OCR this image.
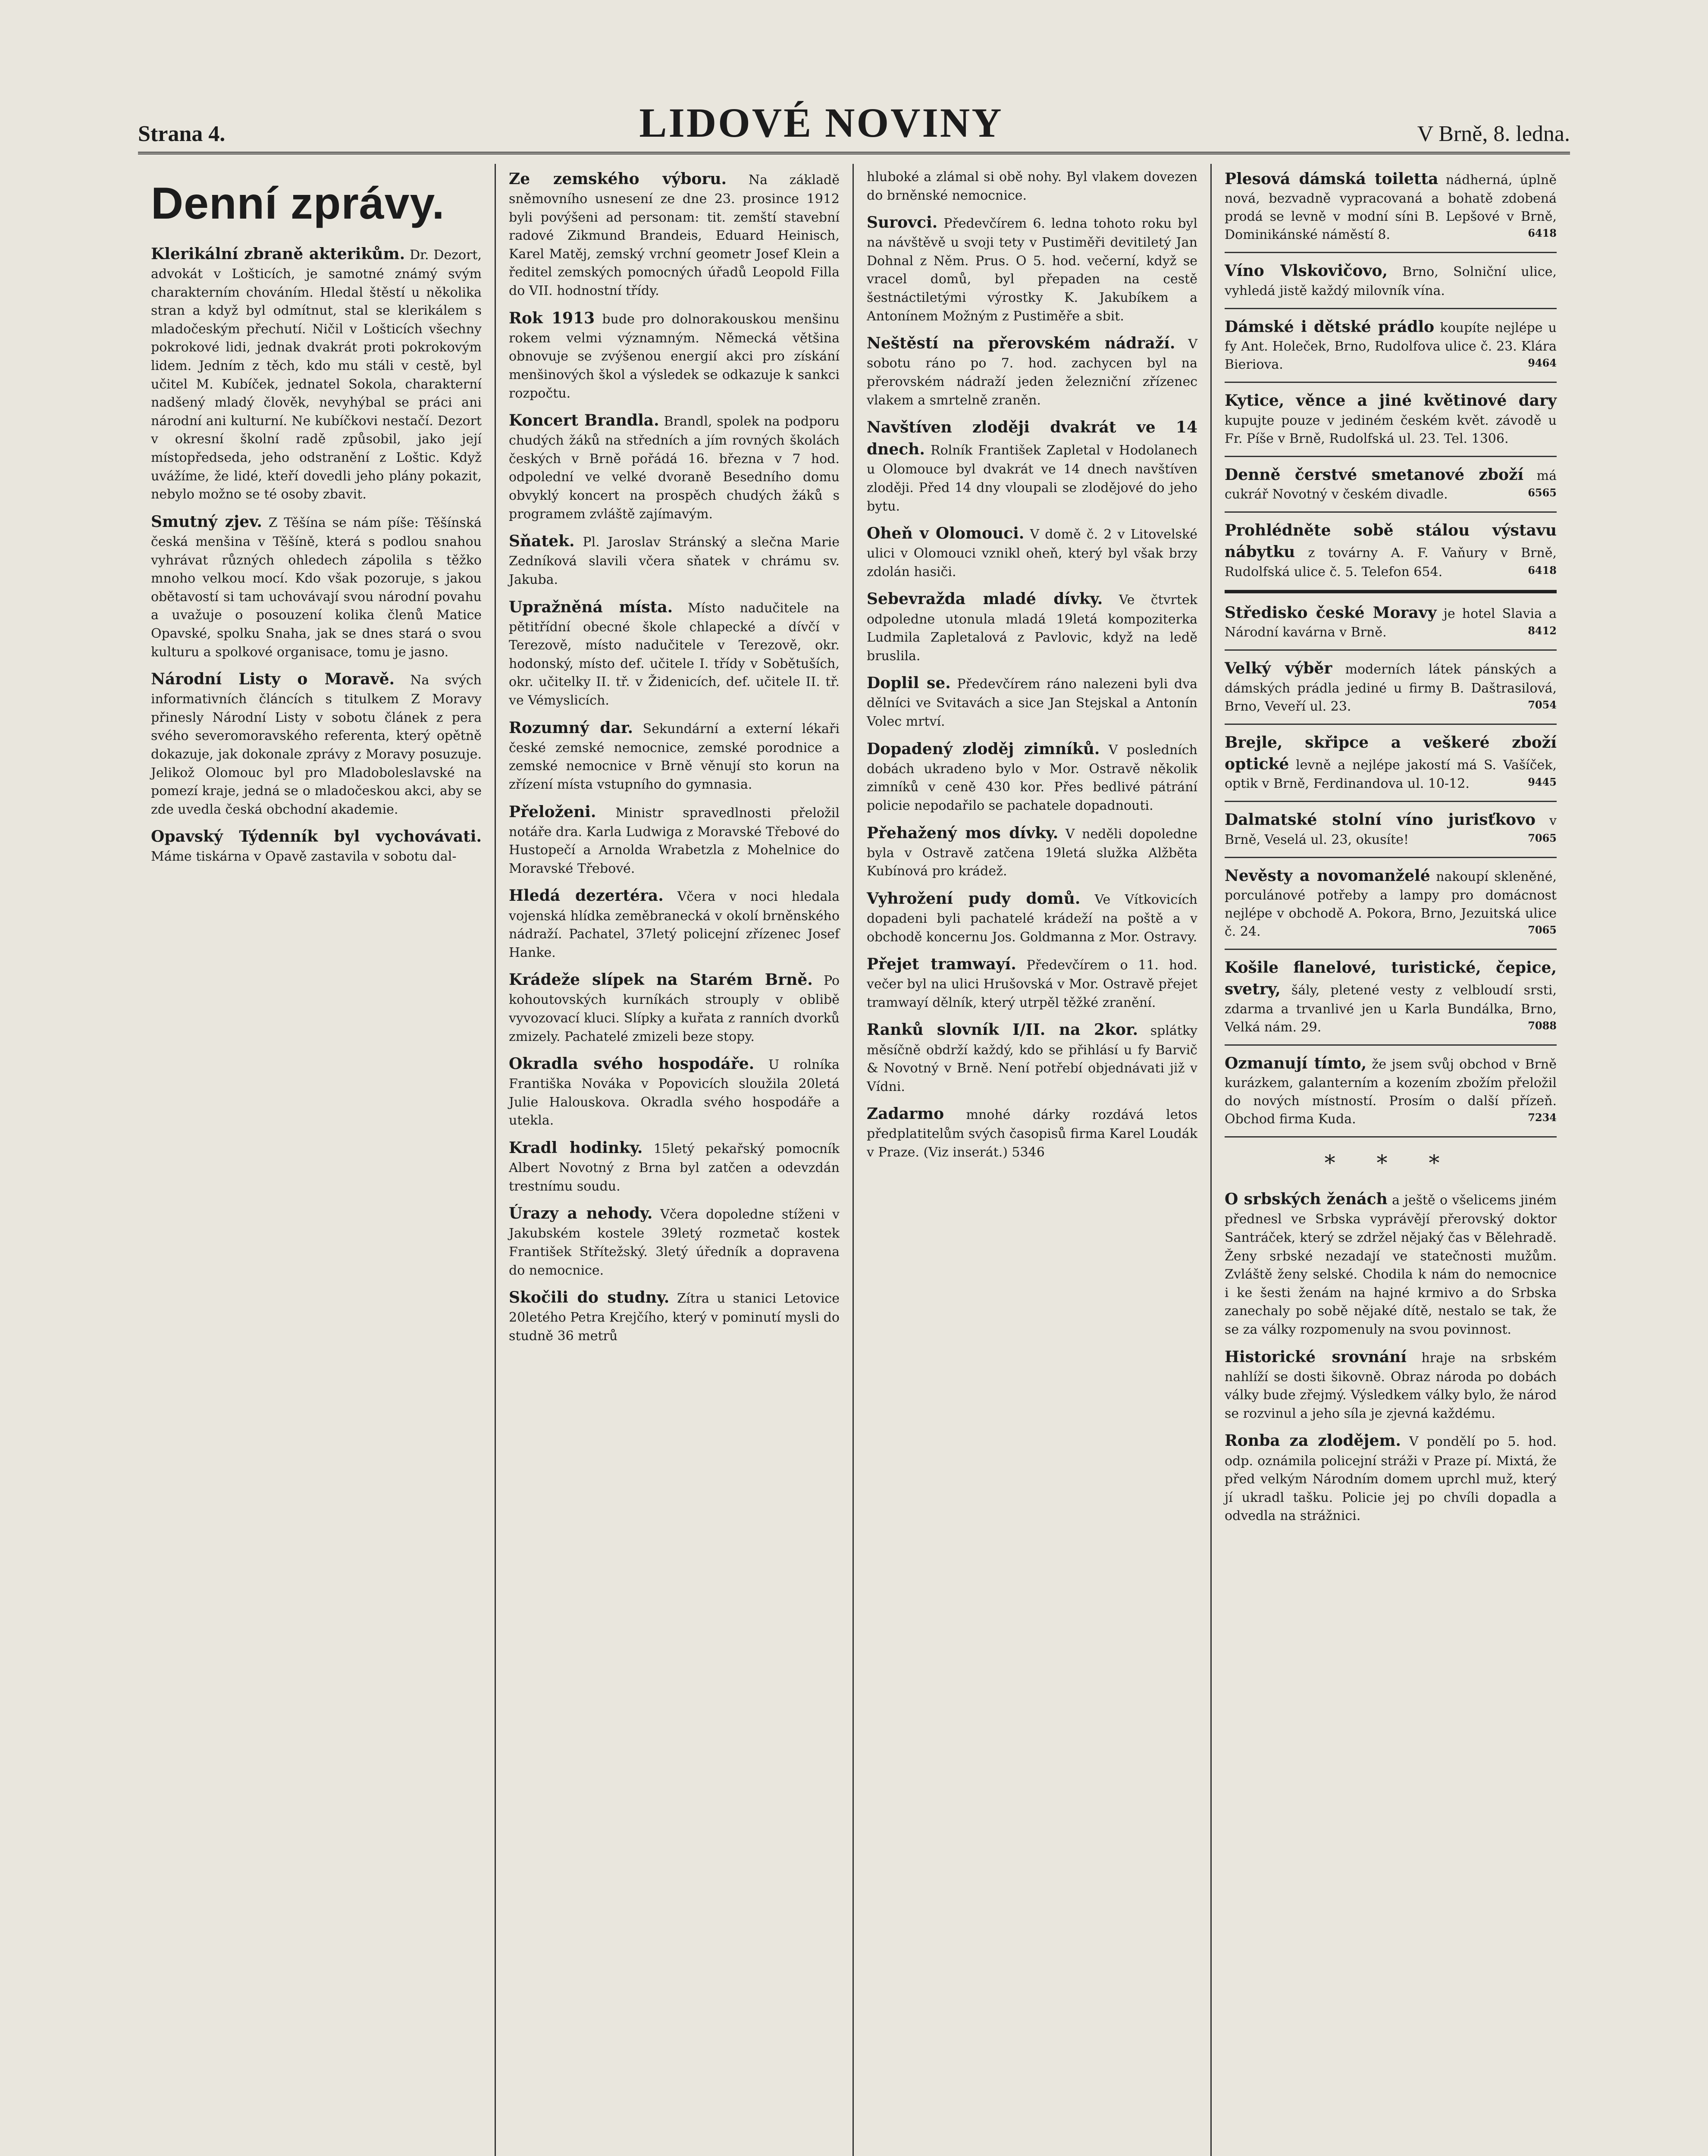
Strana 4.	LIDOVÉ NOVINY	V Brně, 8. ledna.
Denní zprávy.

Klerikální zbraně akterikům. Dr. Dezort, advokát v Lošticích, je samotné známý svým charakterním chováním. Hledal štěstí u několika stran a když byl odmítnut, stal se klerikálem s mladočeským přechutí. Ničil v Lošticích všechny pokrokové lidi, jednak dvakrát proti pokrokovým lidem. Jedním z těch, kdo mu stáli v cestě, byl učitel M. Kubíček, jednatel Sokola, charakterní nadšený mladý člověk, nevyhýbal se práci ani národní ani kulturní. Ne kubíčkovi nestačí. Dezort v okresní školní radě způsobil, jako její místopředseda, jeho odstranění z Loštic. Když uvážíme, že lidé, kteří dovedli jeho plány pokazit, nebylo možno se té osoby zbavit.

Smutný zjev. Z Těšína se nám píše: Těšínská česká menšina v Těšíně, která s podlou snahou vyhrávat různých ohledech zápolila s těžko mnoho velkou mocí. Kdo však pozoruje, s jakou obětavostí si tam uchovávají svou národní povahu a uvažuje o posouzení kolika členů Matice Opavské, spolku Snaha, jak se dnes stará o svou kulturu a spolkové organisace, tomu je jasno.

Národní Listy o Moravě. Na svých informativních článcích s titulkem Z Moravy přinesly Národní Listy v sobotu článek z pera svého severomoravského referenta, který opětně dokazuje, jak dokonale zprávy z Moravy posuzuje. Jelikož Olomouc byl pro Mladoboleslavské na pomezí kraje, jedná se o mladočeskou akci, aby se zde uvedla česká obchodní akademie.

Opavský Týdenník byl vychovávati. Máme tiskárna v Opavě zastavila v sobotu dal-

Ze zemského výboru. Na základě sněmovního usnesení ze dne 23. prosince 1912 byli povýšeni ad personam: tit. zemští stavební radové Zikmund Brandeis, Eduard Heinisch, Karel Matěj, zemský vrchní geometr Josef Klein a ředitel zemských pomocných úřadů Leopold Filla do VII. hodnostní třídy.

Rok 1913 bude pro dolnorakouskou menšinu rokem velmi významným. Německá většina obnovuje se zvýšenou energií akci pro získání menšinových škol a výsledek se odkazuje k sankci rozpočtu.

Koncert Brandla. Brandl, spolek na podporu chudých žáků na středních a jím rovných školách českých v Brně pořádá 16. března v 7 hod. odpolední ve velké dvoraně Besedního domu obvyklý koncert na prospěch chudých žáků s programem zvláště zajímavým.

Sňatek. Pl. Jaroslav Stránský a slečna Marie Zedníková slavili včera sňatek v chrámu sv. Jakuba.

Upražněná místa. Místo nadučitele na pětitřídní obecné škole chlapecké a dívčí v Terezově, místo nadučitele v Terezově, okr. hodonský, místo def. učitele I. třídy v Sobětuších, okr. učitelky II. tř. v Židenicích, def. učitele II. tř. ve Vémyslicích.

Rozumný dar. Sekundární a externí lékaři české zemské nemocnice, zemské porodnice a zemské nemocnice v Brně věnují sto korun na zřízení místa vstupního do gymnasia.

Přeloženi. Ministr spravedlnosti přeložil notáře dra. Karla Ludwiga z Moravské Třebové do Hustopečí a Arnolda Wrabetzla z Mohelnice do Moravské Třebové.

Hledá dezertéra. Včera v noci hledala vojenská hlídka zeměbranecká v okolí brněnského nádraží. Pachatel, 37letý policejní zřízenec Josef Hanke.

Krádeže slípek na Starém Brně. Po kohoutovských kurníkách strouply v oblibě vyvozovací kluci. Slípky a kuřata z ranních dvorků zmizely. Pachatelé zmizeli beze stopy.

Okradla svého hospodáře. U rolníka Františka Nováka v Popovicích sloužila 20letá Julie Halouskova. Okradla svého hospodáře a utekla.

Kradl hodinky. 15letý pekařský pomocník Albert Novotný z Brna byl zatčen a odevzdán trestnímu soudu.

Úrazy a nehody. Včera dopoledne stíženi v Jakubském kostele 39letý rozmetač kostek František Střítežský. 3letý úředník a dopravena do nemocnice.

Skočili do studny. Zítra u stanici Letovice 20letého Petra Krejčího, který v pominutí mysli do studně 36 metrů

hluboké a zlámal si obě nohy. Byl vlakem dovezen do brněnské nemocnice.

Surovci. Předevčírem 6. ledna tohoto roku byl na návštěvě u svoji tety v Pustiměři devitiletý Jan Dohnal z Něm. Prus. O 5. hod. večerní, když se vracel domů, byl přepaden na cestě šestnáctiletými výrostky K. Jakubíkem a Antonínem Možným z Pustiměře a sbit.

Neštěstí na přerovském nádraží. V sobotu ráno po 7. hod. zachycen byl na přerovském nádraží jeden železniční zřízenec vlakem a smrtelně zraněn.

Navštíven zloději dvakrát ve 14 dnech. Rolník František Zapletal v Hodolanech u Olomouce byl dvakrát ve 14 dnech navštíven zloději. Před 14 dny vloupali se zlodějové do jeho bytu.

Oheň v Olomouci. V domě č. 2 v Litovelské ulici v Olomouci vznikl oheň, který byl však brzy zdolán hasiči.

Sebevražda mladé dívky. Ve čtvrtek odpoledne utonula mladá 19letá kompoziterka Ludmila Zapletalová z Pavlovic, když na ledě bruslila.

Doplil se. Předevčírem ráno nalezeni byli dva dělníci ve Svitavách a sice Jan Stejskal a Antonín Volec mrtví.

Dopadený zloděj zimníků. V posledních dobách ukradeno bylo v Mor. Ostravě několik zimníků v ceně 430 kor. Přes bedlivé pátrání policie nepodařilo se pachatele dopadnouti.

Přehažený mos dívky. V neděli dopoledne byla v Ostravě zatčena 19letá služka Alžběta Kubínová pro krádež.

Vyhrožení pudy domů. Ve Vítkovicích dopadeni byli pachatelé krádeží na poště a v obchodě koncernu Jos. Goldmanna z Mor. Ostravy.

Přejet tramwayí. Předevčírem o 11. hod. večer byl na ulici Hrušovská v Mor. Ostravě přejet tramwayí dělník, který utrpěl těžké zranění.

Ranků slovník I/II. na 2kor. splátky měsíčně obdrží každý, kdo se přihlásí u fy Barvič & Novotný v Brně. Není potřebí objednávati již v Vídni.

Zadarmo mnohé dárky rozdává letos předplatitelům svých časopisů firma Karel Loudák v Praze. (Viz inserát.) 5346

Plesová dámská toiletta nádherná, úplně nová, bezvadně vypracovaná a bohatě zdobená prodá se levně v modní síni B. Lepšové v Brně, Dominikánské náměstí 8.	6418
Víno Vlskovičovo, Brno, Solniční ulice, vyhledá jistě každý milovník vína.
Dámské i dětské prádlo koupíte nejlépe u fy Ant. Holeček, Brno, Rudolfova ulice č. 23. Klára Bieriova.	9464
Kytice, věnce a jiné květinové dary kupujte pouze v jediném českém květ. závodě u Fr. Píše v Brně, Rudolfská ul. 23. Tel. 1306.
Denně čerstvé smetanové zboží má cukrář Novotný v českém divadle.	6565
Prohlédněte sobě stálou výstavu nábytku z továrny A. F. Vaňury v Brně, Rudolfská ulice č. 5. Telefon 654.	6418
Středisko české Moravy je hotel Slavia a Národní kavárna v Brně.	8412
Velký výběr moderních látek pánských a dámských prádla jediné u firmy B. Daštrasilová, Brno, Veveří ul. 23.	7054
Brejle, skřipce a veškeré zboží optické levně a nejlépe jakostí má S. Vašíček, optik v Brně, Ferdinandova ul. 10-12.	9445
Dalmatské stolní víno jurisťkovo v Brně, Veselá ul. 23, okusíte!	7065
Nevěsty a novomanželé nakoupí skleněné, porculánové potřeby a lampy pro domácnost nejlépe v obchodě A. Pokora, Brno, Jezuitská ulice č. 24.	7065
Košile flanelové, turistické, čepice, svetry, šály, pletené vesty z velbloudí srsti, zdarma a trvanlivé jen u Karla Bundálka, Brno, Velká nám. 29.	7088
Ozmanují tímto, že jsem svůj obchod v Brně kurázkem, galanterním a kozením zbožím přeložil do nových místností. Prosím o další přízeň. Obchod firma Kuda.	7234
* * *

O srbských ženách a ještě o všelicems jiném přednesl ve Srbska vyprávějí přerovský doktor Santráček, který se zdržel nějaký čas v Bělehradě. Ženy srbské nezadají ve statečnosti mužům. Zvláště ženy selské. Chodila k nám do nemocnice i ke šesti ženám na hajné krmivo a do Srbska zanechaly po sobě nějaké dítě, nestalo se tak, že se za války rozpomenuly na svou povinnost.

Historické srovnání hraje na srbském nahlíží se dosti šikovně. Obraz národa po dobách války bude zřejmý. Výsledkem války bylo, že národ se rozvinul a jeho síla je zjevná každému.

Ronba za zlodějem. V pondělí po 5. hod. odp. oznámila policejní stráži v Praze pí. Mixtá, že před velkým Národním domem uprchl muž, který jí ukradl tašku. Policie jej po chvíli dopadla a odvedla na strážnici.
